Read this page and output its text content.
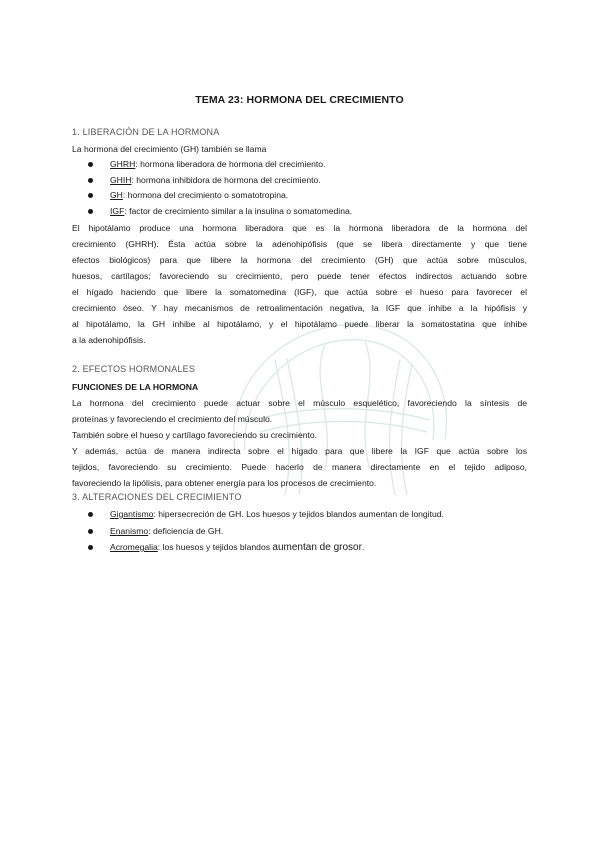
TEMA 23: HORMONA DEL CRECIMIENTO
1. LIBERACIÓN DE LA HORMONA
La hormona del crecimiento (GH) también se llama
GHRH: hormona liberadora de hormona del crecimiento.
GHIH: hormona inhibidora de hormona del crecimiento.
GH: hormona del crecimiento o somatotropina.
IGF: factor de crecimiento similar a la insulina o somatomedina.
El hipotálamo produce una hormona liberadora que es la hormona liberadora de la hormona del
crecimiento (GHRH). Ésta actúa sobre la adenohipófisis (que se libera directamente y que tiene
efectos biológicos) para que libere la hormona del crecimiento (GH) que actúa sobre músculos,
huesos, cartílagos; favoreciendo su crecimiento, pero puede tener efectos indirectos actuando sobre
el hígado haciendo que libere la somatomedina (IGF), que actúa sobre el hueso para favorecer el
crecimiento óseo. Y hay mecanismos de retroalimentación negativa, la IGF que inhibe a la hipófisis y
al hipotálamo, la GH inhibe al hipotálamo, y el hipotálamo puede liberar la somatostatina que inhibe
a la adenohipófisis.
2. EFECTOS HORMONALES
FUNCIONES DE LA HORMONA
La hormona del crecimiento puede actuar sobre el músculo esquelético, favoreciendo la síntesis de
proteínas y favoreciendo el crecimiento del músculo.
También sobre el hueso y cartílago favoreciendo su crecimiento.
Y además, actúa de manera indirecta sobre el hígado para que libere la IGF que actúa sobre los
tejidos, favoreciendo su crecimiento. Puede hacerlo de manera directamente en el tejido adiposo,
favoreciendo la lipólisis, para obtener energía para los procesos de crecimiento.
3. ALTERACIONES DEL CRECIMIENTO
Gigantismo: hipersecreción de GH. Los huesos y tejidos blandos aumentan de longitud.
Enanismo: deficiencia de GH.
Acromegalia: los huesos y tejidos blandos aumentan de grosor.
